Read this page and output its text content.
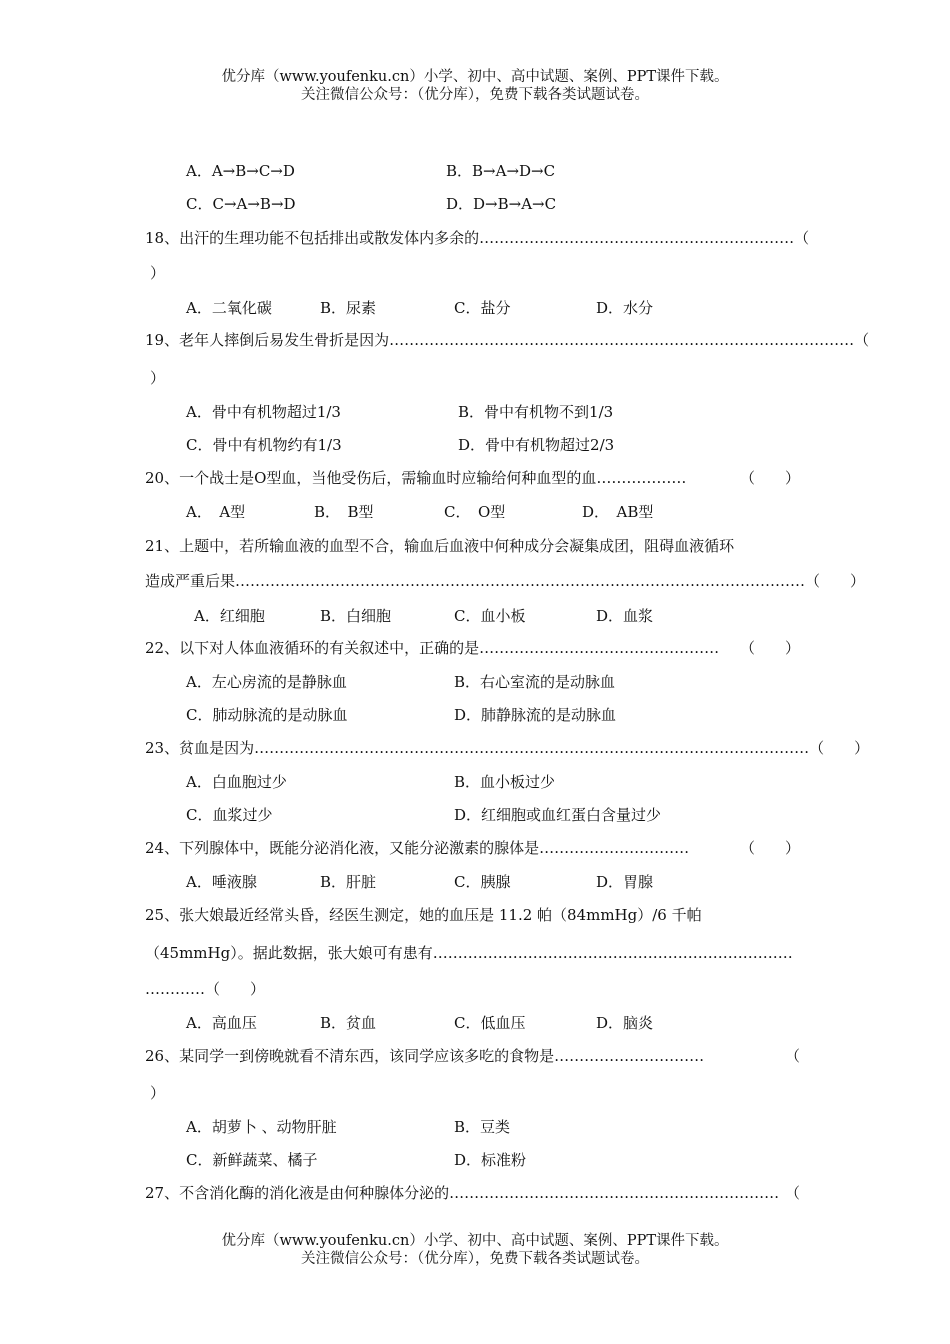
优分库（www.youfenku.cn）小学、初中、高中试题、案例、PPT课件下载。
关注微信公众号：（优分库），免费下载各类试题试卷。
A．A→B→C→D	B．B→A→D→C
C．C→A→B→D	D．D→B→A→C
18、出汗的生理功能不包括排出或散发体内多余的……………………………………………………… （
）
A．二氧化碳	B．尿素	C．盐分	D．水分
19、老年人摔倒后易发生骨折是因为………………………………………………………………………………… （
）
A．骨中有机物超过1/3	B．骨中有机物不到1/3
C．骨中有机物约有1/3	D．骨中有机物超过2/3
20、一个战士是O型血，当他受伤后，需输血时应输给何种血型的血………………	（　　）
A．　A型	B．　B型	C．　O型	D．　AB型
21、上题中，若所输血液的血型不合，输血后血液中何种成分会凝集成团，阻碍血液循环
造成严重后果…………………………………………………………………………………………………… （　　）
A．红细胞	B．白细胞	C．血小板	D．血浆
22、以下对人体血液循环的有关叙述中，正确的是…………………………………………	（　　）
A．左心房流的是静脉血	B．右心室流的是动脉血
C．肺动脉流的是动脉血	D．肺静脉流的是动脉血
23、贫血是因为………………………………………………………………………………………………… （　　）
A．白血胞过少	B．血小板过少
C．血浆过少	D．红细胞或血红蛋白含量过少
24、下列腺体中，既能分泌消化液，又能分泌激素的腺体是…………………………	（　　）
A．唾液腺	B．肝脏	C．胰腺	D．胃腺
25、张大娘最近经常头昏，经医生测定，她的血压是 11.2 帕（84mmHg）/6 千帕
（45mmHg）。据此数据，张大娘可有患有………………………………………………………………
…………（　　）
A．高血压	B．贫血	C．低血压	D．脑炎
26、某同学一到傍晚就看不清东西，该同学应该多吃的食物是…………………………	（
）
A．胡萝卜 、动物肝脏	B．豆类
C．新鲜蔬菜、橘子	D．标准粉
27、不含消化酶的消化液是由何种腺体分泌的………………………………………………………… （
优分库（www.youfenku.cn）小学、初中、高中试题、案例、PPT课件下载。
关注微信公众号：（优分库），免费下载各类试题试卷。
